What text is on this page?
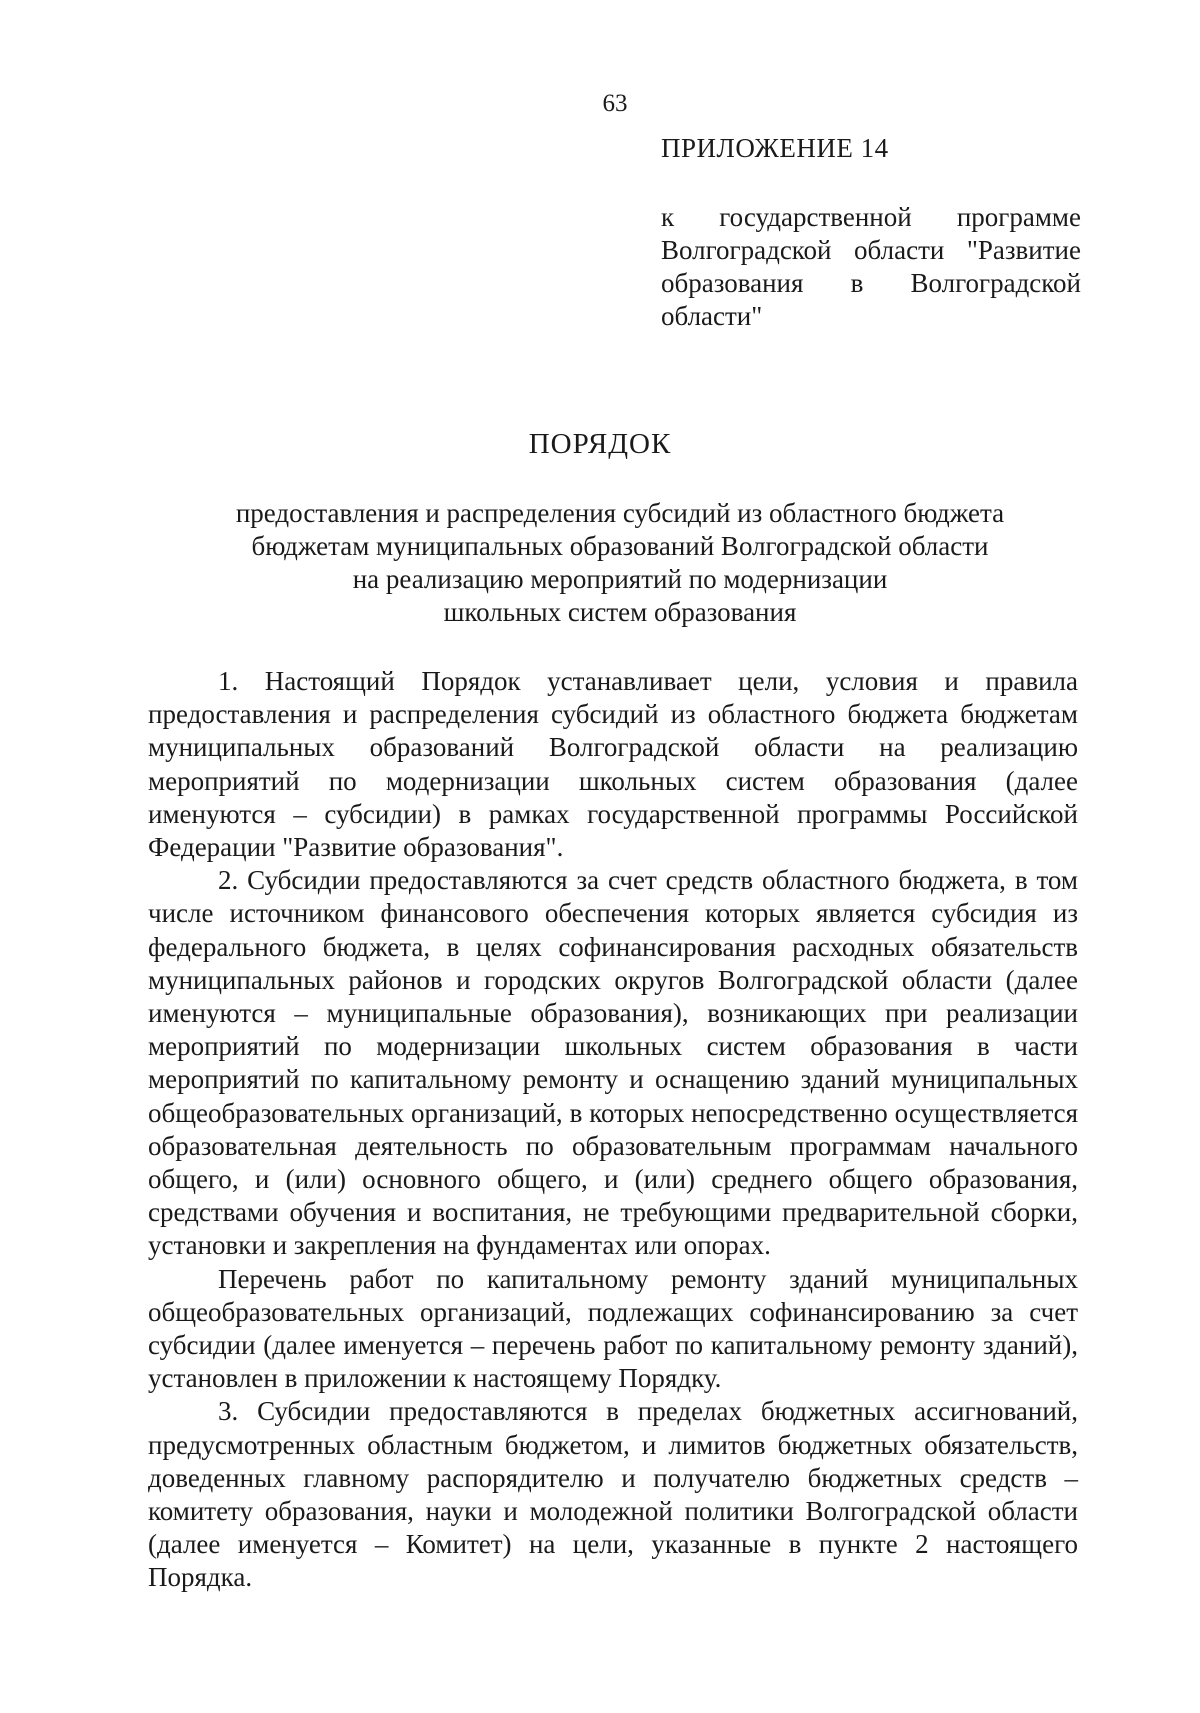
63
ПРИЛОЖЕНИЕ 14
к государственной программе Волгоградской области "Развитие образования в Волгоградской области"
ПОРЯДОК
предоставления и распределения субсидий из областного бюджета
бюджетам муниципальных образований Волгоградской области
на реализацию мероприятий по модернизации
школьных систем образования

1. Настоящий Порядок устанавливает цели, условия и правила предоставления и распределения субсидий из областного бюджета бюджетам муниципальных образований Волгоградской области на реализацию мероприятий по модернизации школьных систем образования (далее именуются – субсидии) в рамках государственной программы Российской Федерации "Развитие образования".

2. Субсидии предоставляются за счет средств областного бюджета, в том числе источником финансового обеспечения которых является субсидия из федерального бюджета, в целях софинансирования расходных обязательств муниципальных районов и городских округов Волгоградской области (далее именуются – муниципальные образования), возникающих при реализации мероприятий по модернизации школьных систем образования в части мероприятий по капитальному ремонту и оснащению зданий муниципальных общеобразовательных организаций, в которых непосредственно осуществляется образовательная деятельность по образовательным программам начального общего, и (или) основного общего, и (или) среднего общего образования, средствами обучения и воспитания, не требующими предварительной сборки, установки и закрепления на фундаментах или опорах.

Перечень работ по капитальному ремонту зданий муниципальных общеобразовательных организаций, подлежащих софинансированию за счет субсидии (далее именуется – перечень работ по капитальному ремонту зданий), установлен в приложении к настоящему Порядку.

3. Субсидии предоставляются в пределах бюджетных ассигнований, предусмотренных областным бюджетом, и лимитов бюджетных обязательств, доведенных главному распорядителю и получателю бюджетных средств – комитету образования, науки и молодежной политики Волгоградской области (далее именуется – Комитет) на цели, указанные в пункте 2 настоящего Порядка.
